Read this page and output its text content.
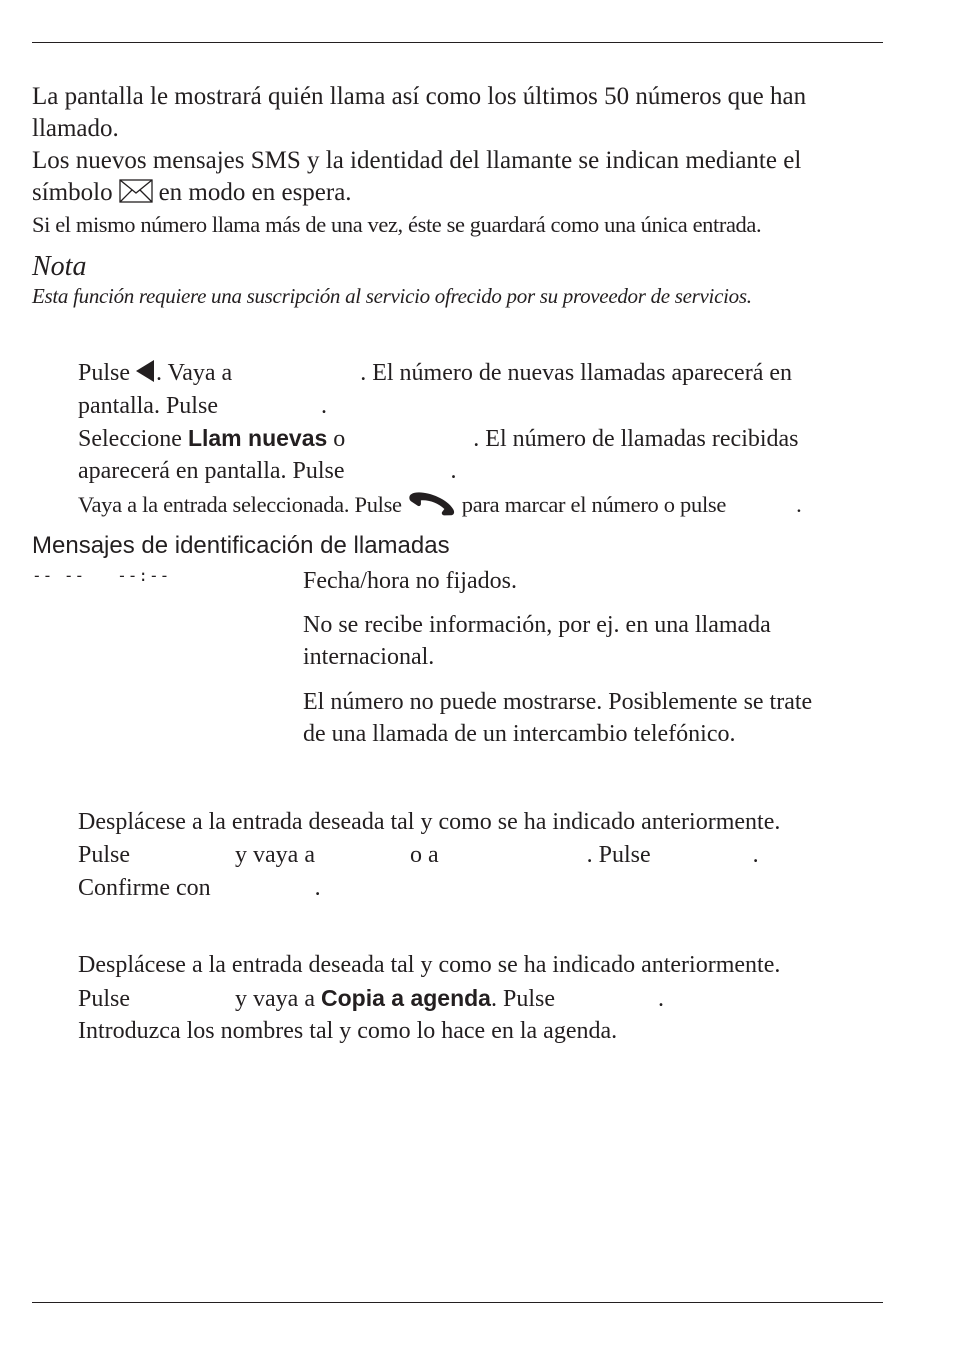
La pantalla le mostrará quién llama así como los últimos 50 números que han
llamado.
Los nuevos mensajes SMS y la identidad del llamante se indican mediante el
símbolo en modo en espera.
Si el mismo número llama más de una vez, éste se guardará como una única entrada.
Nota
Esta función requiere una suscripción al servicio ofrecido por su proveedor de servicios.
Pulse . Vaya a	. El número de nuevas llamadas aparecerá en
pantalla. Pulse	.
Seleccione Llam nuevas o	. El número de llamadas recibidas
aparecerá en pantalla. Pulse	.
Vaya a la entrada seleccionada. Pulse	para marcar el número o pulse	.
Mensajes de identificación de llamadas
-- --   --:--	Fecha/hora no fijados.
No se recibe información, por ej. en una llamada
internacional.
El número no puede mostrarse. Posiblemente se trate
de una llamada de un intercambio telefónico.
Desplácese a la entrada deseada tal y como se ha indicado anteriormente.
Pulse	y vaya a	o a	. Pulse	.
Confirme con	.
Desplácese a la entrada deseada tal y como se ha indicado anteriormente.
Pulse	y vaya a Copia a agenda. Pulse	.
Introduzca los nombres tal y como lo hace en la agenda.
